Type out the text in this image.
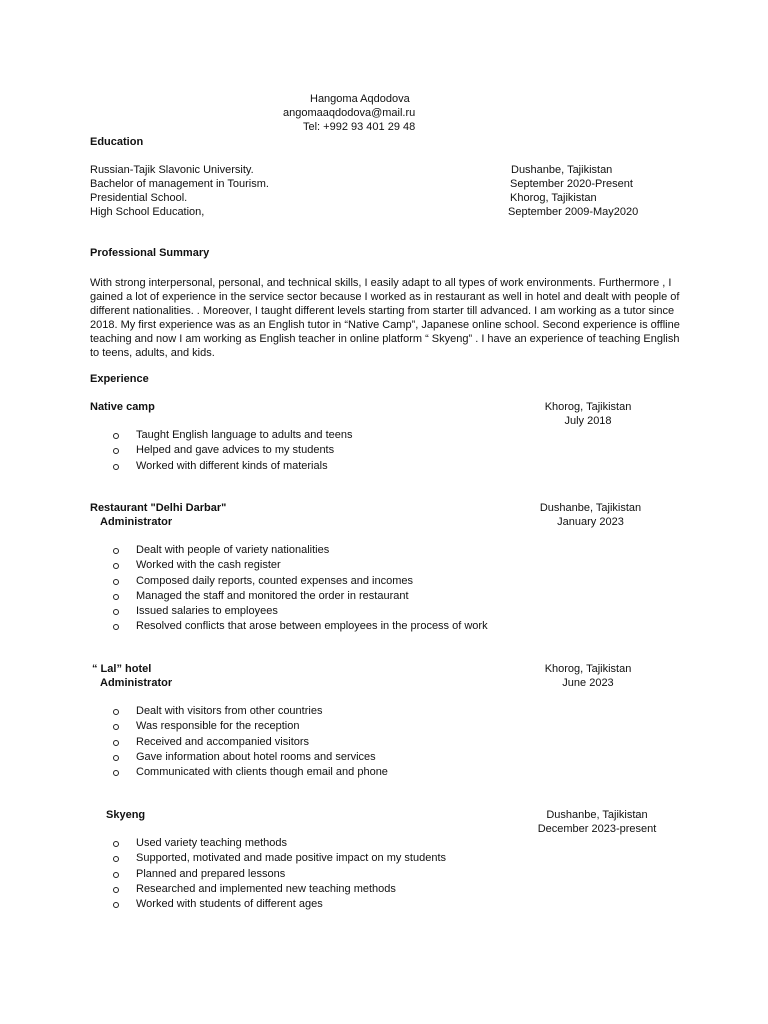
Hangoma Aqdodova
angomaaqdodova@mail.ru
Tel: +992 93 401 29 48
Education
Russian-Tajik Slavonic University.	Dushanbe, Tajikistan
Bachelor of management in Tourism.	September 2020-Present
Presidential School.	Khorog, Tajikistan
High School Education,	September 2009-May2020
Professional Summary
With strong interpersonal, personal, and technical skills, I easily adapt to all types of work environments. Furthermore , I gained a lot of experience in the service sector because I worked as in restaurant as well in hotel and dealt with people of different nationalities. . Moreover, I taught different levels starting from starter till advanced. I am working as a tutor since 2018. My first experience was as an English tutor in “Native Camp”, Japanese online school. Second experience is offline teaching and now I am working as English teacher in online platform “ Skyeng” . I have an experience of teaching English to teens, adults, and kids.
Experience
Native camp	Khorog, Tajikistan
July 2018
Taught English language to adults and teens
Helped and gave advices to my students
Worked with different kinds of materials
Restaurant "Delhi Darbar"
Administrator
Dushanbe, Tajikistan
January 2023
Dealt with people of variety nationalities
Worked with the cash register
Composed daily reports, counted expenses and incomes
Managed the staff and monitored the order in restaurant
Issued salaries to employees
Resolved conflicts that arose between employees in the process of work
“ Lal” hotel
Administrator
Khorog, Tajikistan
June 2023
Dealt with visitors from other countries
Was responsible for the reception
Received and accompanied visitors
Gave information about hotel rooms and services
Communicated with clients though email and phone
Skyeng	Dushanbe, Tajikistan
December 2023-present
Used variety teaching methods
Supported, motivated and made positive impact on my students
Planned and prepared lessons
Researched and implemented new teaching methods
Worked with students of different ages
